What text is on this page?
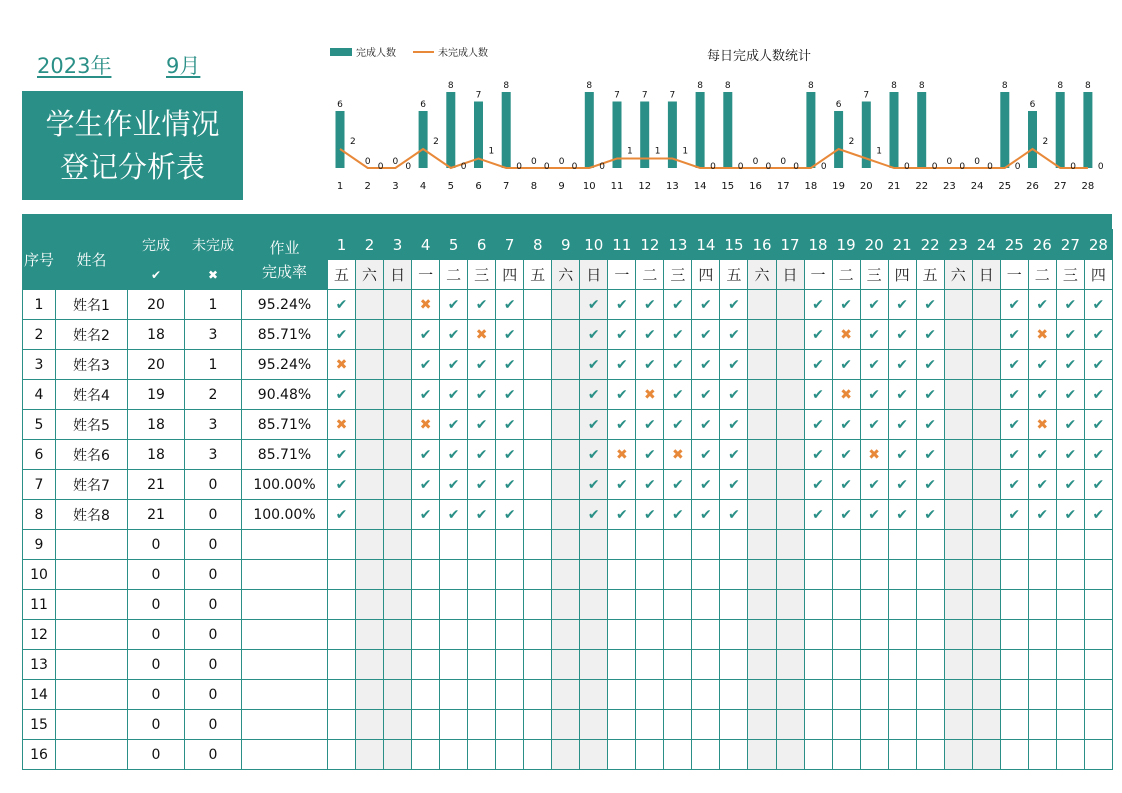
2023年	9月
学生作业情况
登记分析表
每日完成人数统计
完成人数	未完成人数
6
0 0
6
8
7
8
0 0
8
7 7 7
8 8
0 0
8
6
7
8 8
0 0
8
6
8 8
2
0 0
2
0
1
0 0 0 0
1 1 1
0 0 0 0 0
2
1
0 0 0 0 0
2
0 0
1 2 3 4 5 6 7 8 9 10 11 12 13 14 15 16 17 18 19 20 21 22 23 24 25 26 27 28
序号	姓名	完成	未完成	作业
完成率	1	2	3	4	5	6	7	8	9	10	11	12	13	14	15	16	17	18	19	20	21	22	23	24	25	26	27	28
		✔	✖		五	六	日	一	二	三	四	五	六	日	一	二	三	四	五	六	日	一	二	三	四	五	六	日	一	二	三	四
1	姓名1	20	1	95.24%	✔			✖	✔	✔	✔			✔	✔	✔	✔	✔	✔			✔	✔	✔	✔	✔			✔	✔	✔	✔
2	姓名2	18	3	85.71%	✔			✔	✔	✖	✔			✔	✔	✔	✔	✔	✔			✔	✖	✔	✔	✔			✔	✖	✔	✔
3	姓名3	20	1	95.24%	✖			✔	✔	✔	✔			✔	✔	✔	✔	✔	✔			✔	✔	✔	✔	✔			✔	✔	✔	✔
4	姓名4	19	2	90.48%	✔			✔	✔	✔	✔			✔	✔	✖	✔	✔	✔			✔	✖	✔	✔	✔			✔	✔	✔	✔
5	姓名5	18	3	85.71%	✖			✖	✔	✔	✔			✔	✔	✔	✔	✔	✔			✔	✔	✔	✔	✔			✔	✖	✔	✔
6	姓名6	18	3	85.71%	✔			✔	✔	✔	✔			✔	✖	✔	✖	✔	✔			✔	✔	✖	✔	✔			✔	✔	✔	✔
7	姓名7	21	0	100.00%	✔			✔	✔	✔	✔			✔	✔	✔	✔	✔	✔			✔	✔	✔	✔	✔			✔	✔	✔	✔
8	姓名8	21	0	100.00%	✔			✔	✔	✔	✔			✔	✔	✔	✔	✔	✔			✔	✔	✔	✔	✔			✔	✔	✔	✔
9		0	0																													
10		0	0																													
11		0	0																													
12		0	0																													
13		0	0																													
14		0	0																													
15		0	0																													
16		0	0																													
